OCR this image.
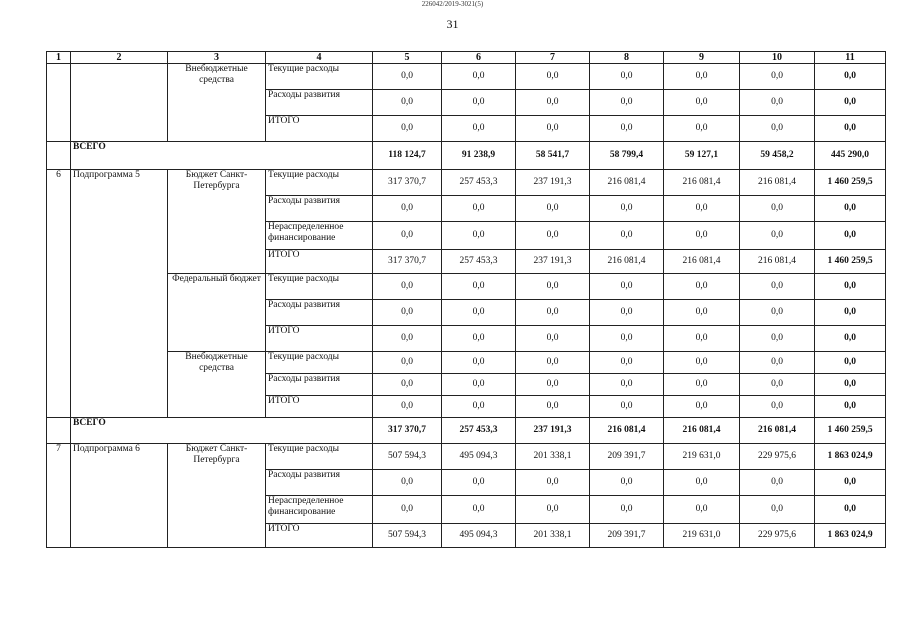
226042/2019-3021(5)
31
1	2	3	4	5	6	7	8	9	10	11
		Внебюджетные средства	Текущие расходы	0,0	0,0	0,0	0,0	0,0	0,0	0,0
			Расходы развития	0,0	0,0	0,0	0,0	0,0	0,0	0,0
			ИТОГО	0,0	0,0	0,0	0,0	0,0	0,0	0,0
	ВСЕГО			118 124,7	91 238,9	58 541,7	58 799,4	59 127,1	59 458,2	445 290,0
6	Подпрограмма 5	Бюджет Санкт-Петербурга	Текущие расходы	317 370,7	257 453,3	237 191,3	216 081,4	216 081,4	216 081,4	1 460 259,5
			Расходы развития	0,0	0,0	0,0	0,0	0,0	0,0	0,0
			Нераспределенное финансирование	0,0	0,0	0,0	0,0	0,0	0,0	0,0
			ИТОГО	317 370,7	257 453,3	237 191,3	216 081,4	216 081,4	216 081,4	1 460 259,5
		Федеральный бюджет	Текущие расходы	0,0	0,0	0,0	0,0	0,0	0,0	0,0
			Расходы развития	0,0	0,0	0,0	0,0	0,0	0,0	0,0
			ИТОГО	0,0	0,0	0,0	0,0	0,0	0,0	0,0
		Внебюджетные средства	Текущие расходы	0,0	0,0	0,0	0,0	0,0	0,0	0,0
			Расходы развития	0,0	0,0	0,0	0,0	0,0	0,0	0,0
			ИТОГО	0,0	0,0	0,0	0,0	0,0	0,0	0,0
	ВСЕГО			317 370,7	257 453,3	237 191,3	216 081,4	216 081,4	216 081,4	1 460 259,5
7	Подпрограмма 6	Бюджет Санкт-Петербурга	Текущие расходы	507 594,3	495 094,3	201 338,1	209 391,7	219 631,0	229 975,6	1 863 024,9
			Расходы развития	0,0	0,0	0,0	0,0	0,0	0,0	0,0
			Нераспределенное финансирование	0,0	0,0	0,0	0,0	0,0	0,0	0,0
			ИТОГО	507 594,3	495 094,3	201 338,1	209 391,7	219 631,0	229 975,6	1 863 024,9
